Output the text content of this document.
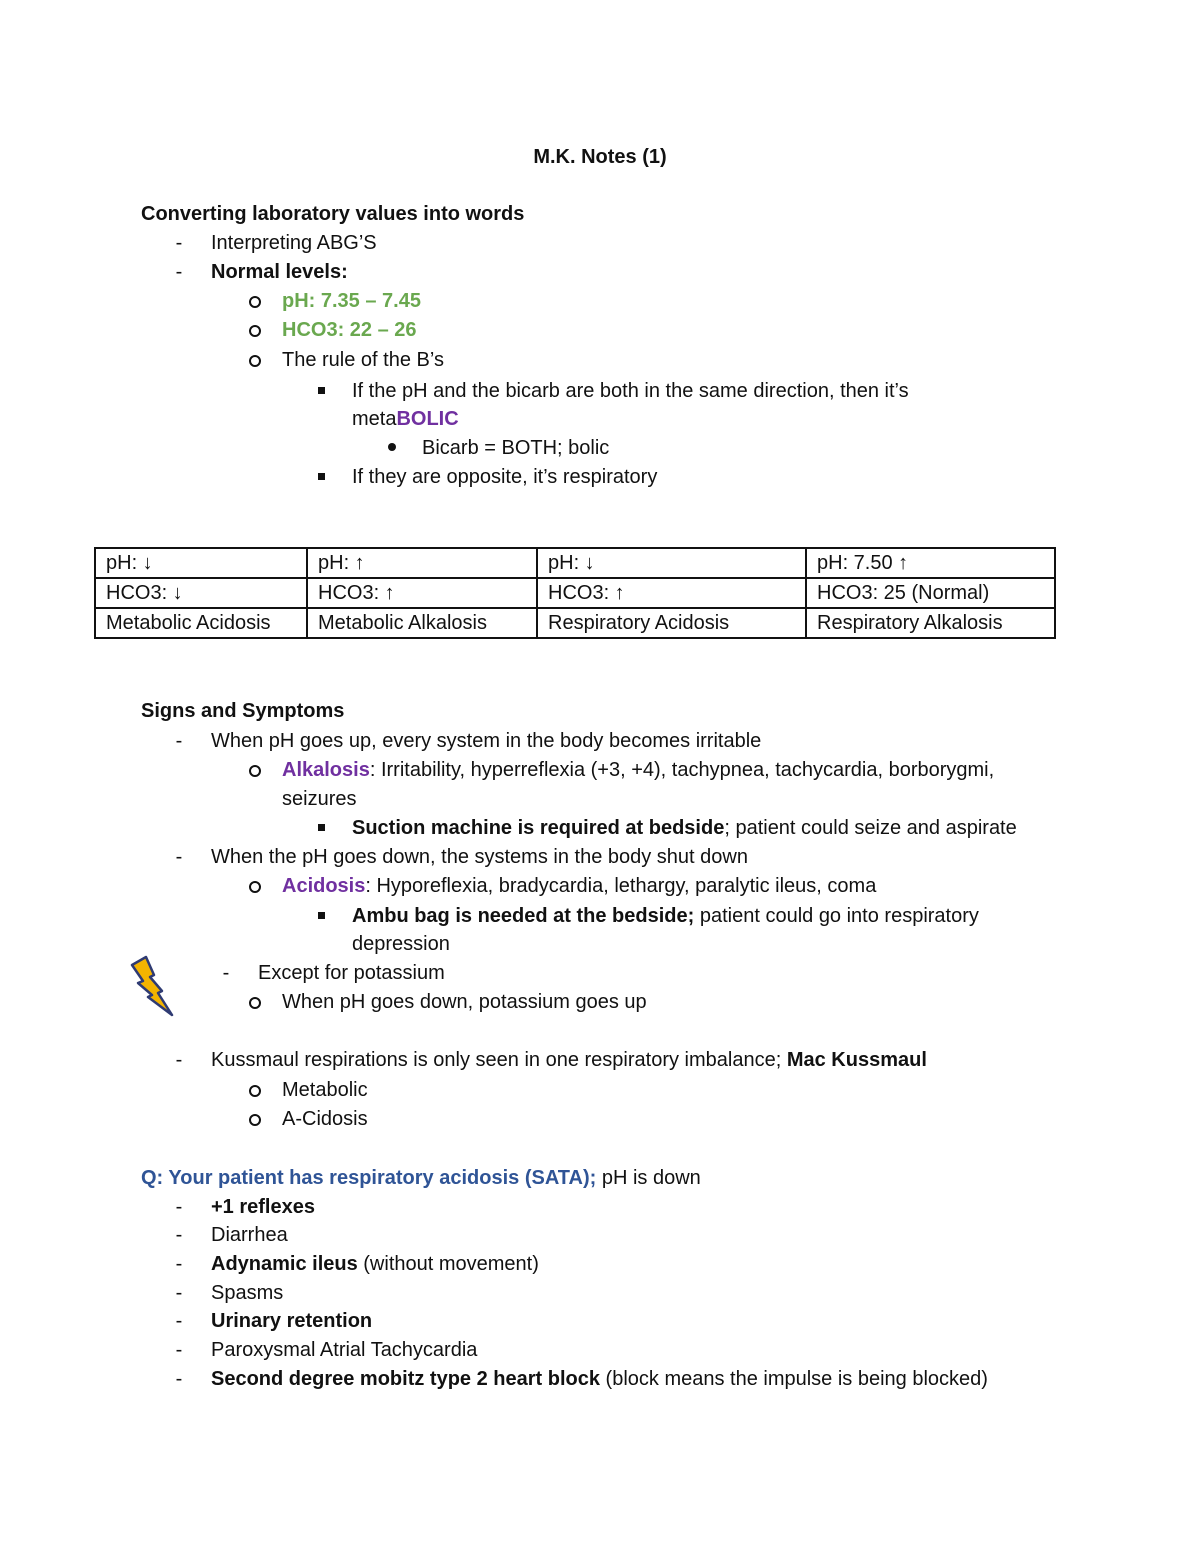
M.K. Notes (1)
Converting laboratory values into words
- Interpreting ABG’S
- Normal levels:
pH: 7.35 – 7.45
HCO3: 22 – 26
The rule of the B’s
If the pH and the bicarb are both in the same direction, then it’s
metaBOLIC
Bicarb = BOTH; bolic
If they are opposite, it’s respiratory
pH: ↓	pH: ↑	pH: ↓	pH: 7.50 ↑
HCO3: ↓	HCO3: ↑	HCO3: ↑	HCO3: 25 (Normal)
Metabolic Acidosis	Metabolic Alkalosis	Respiratory Acidosis	Respiratory Alkalosis
Signs and Symptoms
- When pH goes up, every system in the body becomes irritable
Alkalosis: Irritability, hyperreflexia (+3, +4), tachypnea, tachycardia, borborygmi,
seizures
Suction machine is required at bedside; patient could seize and aspirate
- When the pH goes down, the systems in the body shut down
Acidosis: Hyporeflexia, bradycardia, lethargy, paralytic ileus, coma
Ambu bag is needed at the bedside; patient could go into respiratory
depression
- Except for potassium
When pH goes down, potassium goes up
- Kussmaul respirations is only seen in one respiratory imbalance; Mac Kussmaul
Metabolic
A-Cidosis
Q: Your patient has respiratory acidosis (SATA); pH is down
- +1 reflexes
- Diarrhea
- Adynamic ileus (without movement)
- Spasms
- Urinary retention
- Paroxysmal Atrial Tachycardia
- Second degree mobitz type 2 heart block (block means the impulse is being blocked)
